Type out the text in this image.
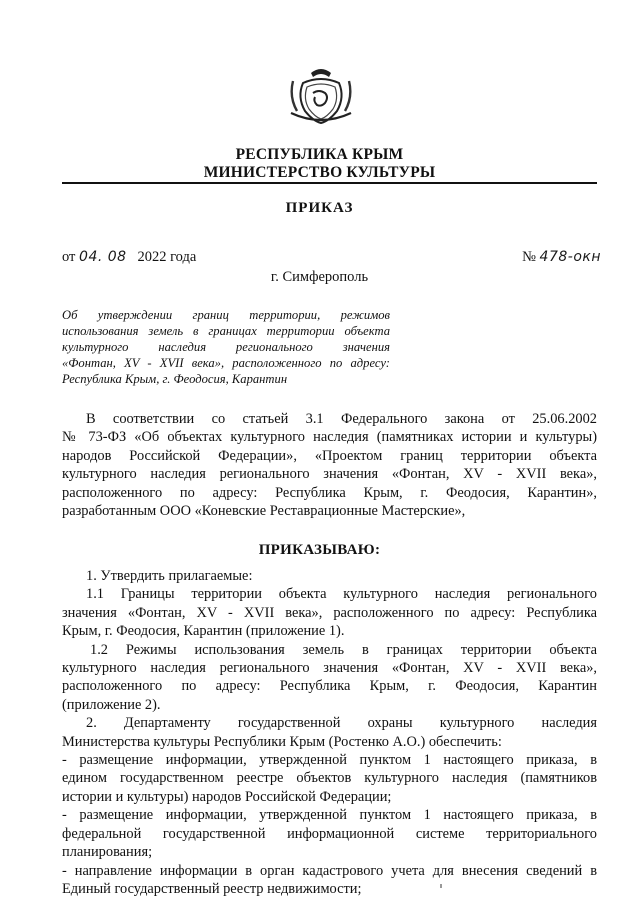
РЕСПУБЛИКА КРЫМ
МИНИСТЕРСТВО КУЛЬТУРЫ
ПРИКАЗ
от 04. 08 2022 года	№ 478-окн
г. Симферополь
Об утверждении границ территории, режимов
использования земель в границах территории объекта
культурного наследия регионального значения
«Фонтан, XV - XVII века», расположенного по адресу:
Республика Крым, г. Феодосия, Карантин
В соответствии со статьей 3.1 Федерального закона от 25.06.2002
№ 73-ФЗ «Об объектах культурного наследия (памятниках истории и культуры)
народов Российской Федерации», «Проектом границ территории объекта
культурного наследия регионального значения «Фонтан, XV - XVII века»,
расположенного по адресу: Республика Крым, г. Феодосия, Карантин»,
разработанным ООО «Коневские Реставрационные Мастерские»,
ПРИКАЗЫВАЮ:
1. Утвердить прилагаемые:
1.1 Границы территории объекта культурного наследия регионального
значения «Фонтан, XV - XVII века», расположенного по адресу: Республика
Крым, г. Феодосия, Карантин (приложение 1).
1.2 Режимы использования земель в границах территории объекта
культурного наследия регионального значения «Фонтан, XV - XVII века»,
расположенного по адресу: Республика Крым, г. Феодосия, Карантин
(приложение 2).
2. Департаменту государственной охраны культурного наследия
Министерства культуры Республики Крым (Ростенко А.О.) обеспечить:
- размещение информации, утвержденной пунктом 1 настоящего приказа, в
едином государственном реестре объектов культурного наследия (памятников
истории и культуры) народов Российской Федерации;
- размещение информации, утвержденной пунктом 1 настоящего приказа, в
федеральной государственной информационной системе территориального
планирования;
- направление информации в орган кадастрового учета для внесения сведений в
Единый государственный реестр недвижимости;
